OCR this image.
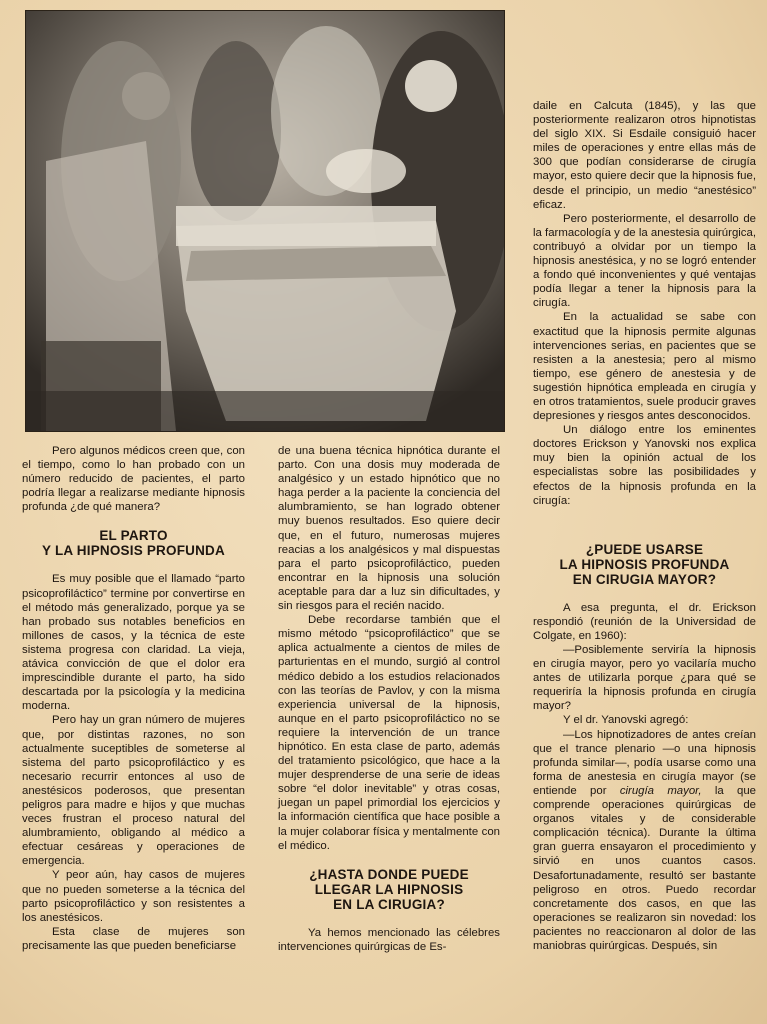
Pero algunos médicos creen que, con el tiempo, como lo han probado con un número reducido de pacientes, el parto podría llegar a realizarse mediante hipnosis profunda ¿de qué manera?

EL PARTO
Y LA HIPNOSIS PROFUNDA

Es muy posible que el llamado “parto psicoprofiláctico” termine por convertirse en el método más generalizado, porque ya se han probado sus notables beneficios en millones de casos, y la técnica de este sistema progresa con claridad. La vieja, atávica convicción de que el dolor era imprescindible durante el parto, ha sido descartada por la psicología y la medicina moderna.

Pero hay un gran número de mujeres que, por distintas razones, no son actualmente suceptibles de someterse al sistema del parto psicoprofiláctico y es necesario recurrir entonces al uso de anestésicos poderosos, que presentan peligros para madre e hijos y que muchas veces frustran el proceso natural del alumbramiento, obligando al médico a efectuar cesáreas y operaciones de emergencia.

Y peor aún, hay casos de mujeres que no pueden someterse a la técnica del parto psicoprofiláctico y son resistentes a los anestésicos.

Esta clase de mujeres son precisamente las que pueden beneficiarse

de una buena técnica hipnótica durante el parto. Con una dosis muy moderada de analgésico y un estado hipnótico que no haga perder a la paciente la conciencia del alumbramiento, se han logrado obtener muy buenos resultados. Eso quiere decir que, en el futuro, numerosas mujeres reacias a los analgésicos y mal dispuestas para el parto psicoprofiláctico, pueden encontrar en la hipnosis una solución aceptable para dar a luz sin dificultades, y sin riesgos para el recién nacido.

Debe recordarse también que el mismo método “psicoprofiláctico” que se aplica actualmente a cientos de miles de parturientas en el mundo, surgió al control médico debido a los estudios relacionados con las teorías de Pavlov, y con la misma experiencia universal de la hipnosis, aunque en el parto psicoprofiláctico no se requiere la intervención de un trance hipnótico. En esta clase de parto, además del tratamiento psicológico, que hace a la mujer desprenderse de una serie de ideas sobre “el dolor inevitable” y otras cosas, juegan un papel primordial los ejercicios y la información científica que hace posible a la mujer colaborar física y mentalmente con el médico.

¿HASTA DONDE PUEDE
LLEGAR LA HIPNOSIS
EN LA CIRUGIA?

Ya hemos mencionado las célebres intervenciones quirúrgicas de Es-

daile en Calcuta (1845), y las que posteriormente realizaron otros hipnotistas del siglo XIX. Si Esdaile consiguió hacer miles de operaciones y entre ellas más de 300 que podían considerarse de cirugía mayor, esto quiere decir que la hipnosis fue, desde el principio, un medio “anestésico” eficaz.

Pero posteriormente, el desarrollo de la farmacología y de la anestesia quirúrgica, contribuyó a olvidar por un tiempo la hipnosis anestésica, y no se logró entender a fondo qué inconvenientes y qué ventajas podía llegar a tener la hipnosis para la cirugía.

En la actualidad se sabe con exactitud que la hipnosis permite algunas intervenciones serias, en pacientes que se resisten a la anestesia; pero al mismo tiempo, ese género de anestesia y de sugestión hipnótica empleada en cirugía y en otros tratamientos, suele producir graves depresiones y riesgos antes desconocidos.

Un diálogo entre los eminentes doctores Erickson y Yanovski nos explica muy bien la opinión actual de los especialistas sobre las posibilidades y efectos de la hipnosis profunda en la cirugía:

¿PUEDE USARSE
LA HIPNOSIS PROFUNDA
EN CIRUGIA MAYOR?

A esa pregunta, el dr. Erickson respondió (reunión de la Universidad de Colgate, en 1960):

—Posiblemente serviría la hipnosis en cirugía mayor, pero yo vacilaría mucho antes de utilizarla porque ¿para qué se requeriría la hipnosis profunda en cirugía mayor?

Y el dr. Yanovski agregó:

—Los hipnotizadores de antes creían que el trance plenario —o una hipnosis profunda similar—, podía usarse como una forma de anestesia en cirugía mayor (se entiende por cirugía mayor, la que comprende operaciones quirúrgicas de organos vitales y de considerable complicación técnica). Durante la última gran guerra ensayaron el procedimiento y sirvió en unos cuantos casos. Desafortunadamente, resultó ser bastante peligroso en otros. Puedo recordar concretamente dos casos, en que las operaciones se realizaron sin novedad: los pacientes no reaccionaron al dolor de las maniobras quirúrgicas. Después, sin
